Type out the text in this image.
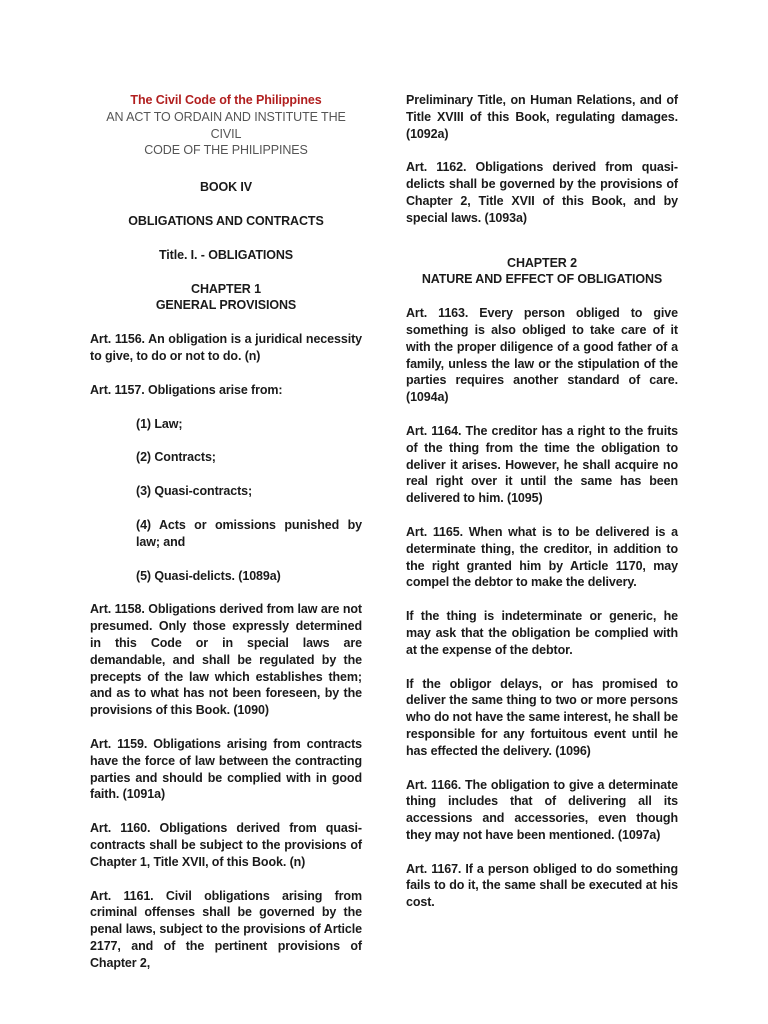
The Civil Code of the Philippines

AN ACT TO ORDAIN AND INSTITUTE THE CIVIL

CODE OF THE PHILIPPINES

BOOK IV

OBLIGATIONS AND CONTRACTS

Title. I. - OBLIGATIONS

CHAPTER 1

GENERAL PROVISIONS

Art. 1156. An obligation is a juridical necessity to give, to do or not to do. (n)

Art. 1157. Obligations arise from:

(1) Law;

(2) Contracts;

(3) Quasi-contracts;

(4) Acts or omissions punished by law; and

(5) Quasi-delicts. (1089a)

Art. 1158. Obligations derived from law are not presumed. Only those expressly determined in this Code or in special laws are demandable, and shall be regulated by the precepts of the law which establishes them; and as to what has not been foreseen, by the provisions of this Book. (1090)

Art. 1159. Obligations arising from contracts have the force of law between the contracting parties and should be complied with in good faith. (1091a)

Art. 1160. Obligations derived from quasi-contracts shall be subject to the provisions of Chapter 1, Title XVII, of this Book. (n)

Art. 1161. Civil obligations arising from criminal offenses shall be governed by the penal laws, subject to the provisions of Article 2177, and of the pertinent provisions of Chapter 2,

Preliminary Title, on Human Relations, and of Title XVIII of this Book, regulating damages. (1092a)

Art. 1162. Obligations derived from quasi-delicts shall be governed by the provisions of Chapter 2, Title XVII of this Book, and by special laws. (1093a)

CHAPTER 2

NATURE AND EFFECT OF OBLIGATIONS

Art. 1163. Every person obliged to give something is also obliged to take care of it with the proper diligence of a good father of a family, unless the law or the stipulation of the parties requires another standard of care. (1094a)

Art. 1164. The creditor has a right to the fruits of the thing from the time the obligation to deliver it arises. However, he shall acquire no real right over it until the same has been delivered to him. (1095)

Art. 1165. When what is to be delivered is a determinate thing, the creditor, in addition to the right granted him by Article 1170, may compel the debtor to make the delivery.

If the thing is indeterminate or generic, he may ask that the obligation be complied with at the expense of the debtor.

If the obligor delays, or has promised to deliver the same thing to two or more persons who do not have the same interest, he shall be responsible for any fortuitous event until he has effected the delivery. (1096)

Art. 1166. The obligation to give a determinate thing includes that of delivering all its accessions and accessories, even though they may not have been mentioned. (1097a)

Art. 1167. If a person obliged to do something fails to do it, the same shall be executed at his cost.
